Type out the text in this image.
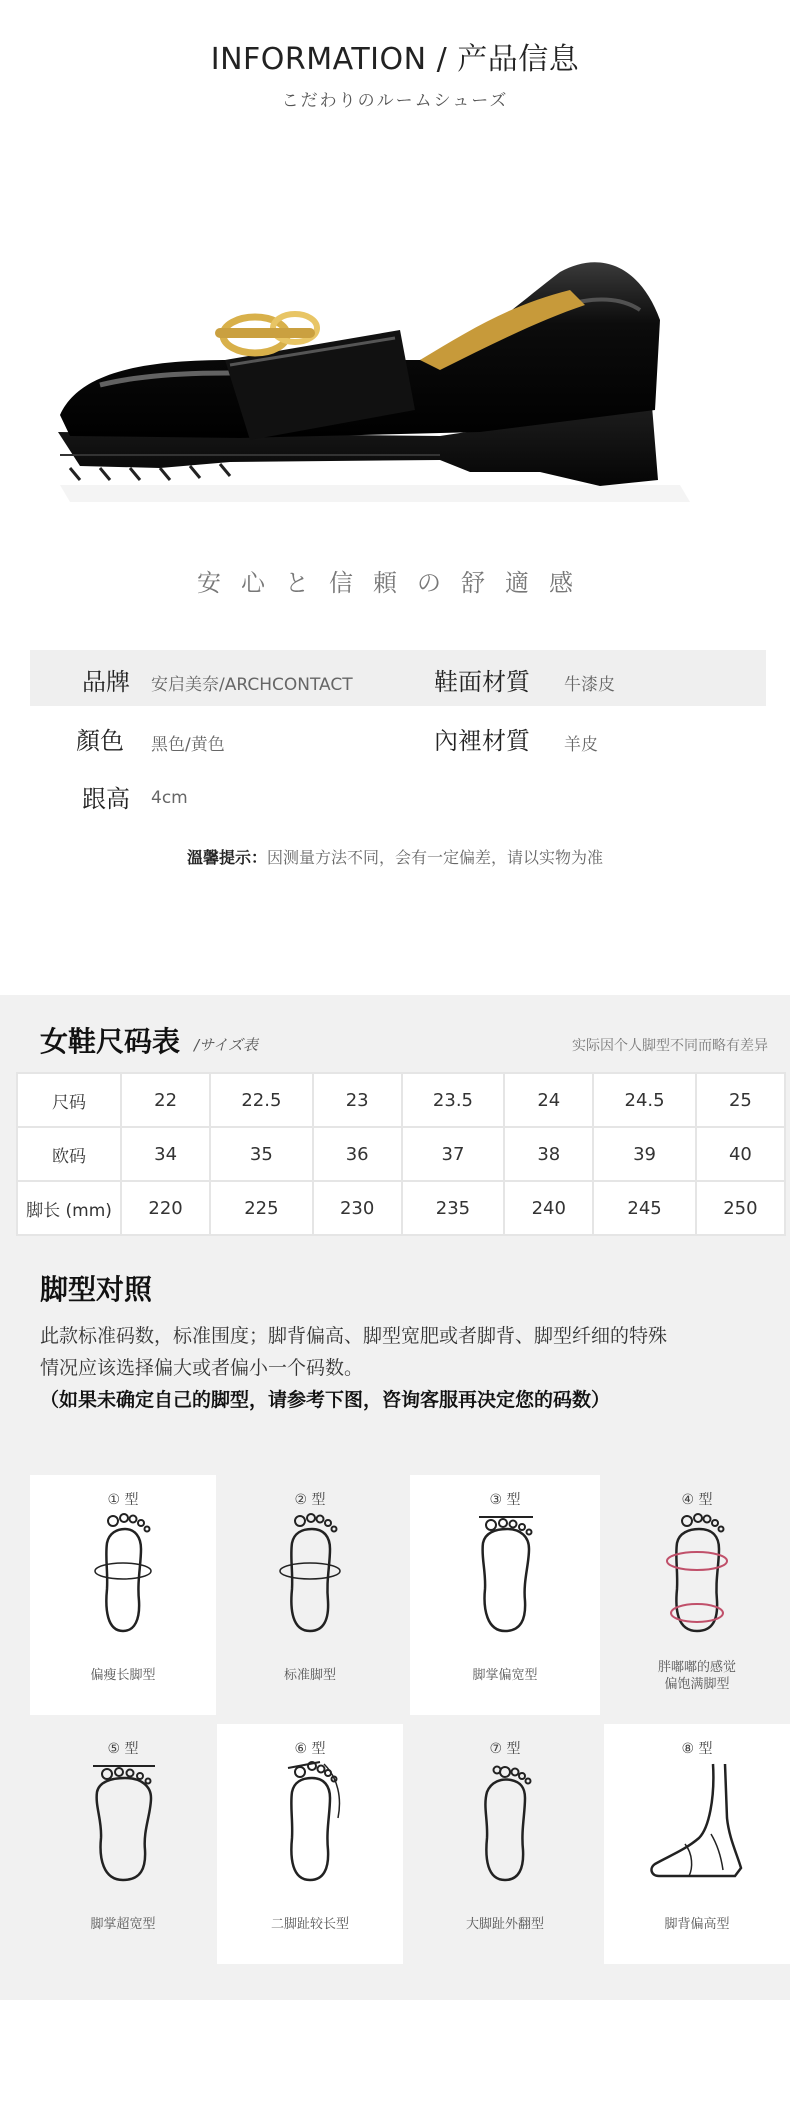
INFORMATION / 产品信息
こだわりのルームシューズ
安心と信頼の舒適感
品牌 安启美奈/ARCHCONTACT	鞋面材質 牛漆皮
顏色 黑色/黄色	內裡材質 羊皮
跟高 4cm
溫馨提示：因测量方法不同，会有一定偏差，请以实物为准
女鞋尺码表 /サイズ表	实际因个人脚型不同而略有差异
尺码	22	22.5	23	23.5	24	24.5	25
欧码	34	35	36	37	38	39	40
脚长 (mm)	220	225	230	235	240	245	250
脚型对照
此款标准码数，标准围度；脚背偏高、脚型宽肥或者脚背、脚型纤细的特殊
情况应该选择偏大或者偏小一个码数。
（如果未确定自己的脚型，请参考下图，咨询客服再决定您的码数）
① 型
偏瘦长脚型
② 型
标准脚型
③ 型
脚掌偏宽型
④ 型
胖嘟嘟的感觉
偏饱满脚型
⑤ 型
脚掌超宽型
⑥ 型
二脚趾较长型
⑦ 型
大脚趾外翻型
⑧ 型
脚背偏高型
